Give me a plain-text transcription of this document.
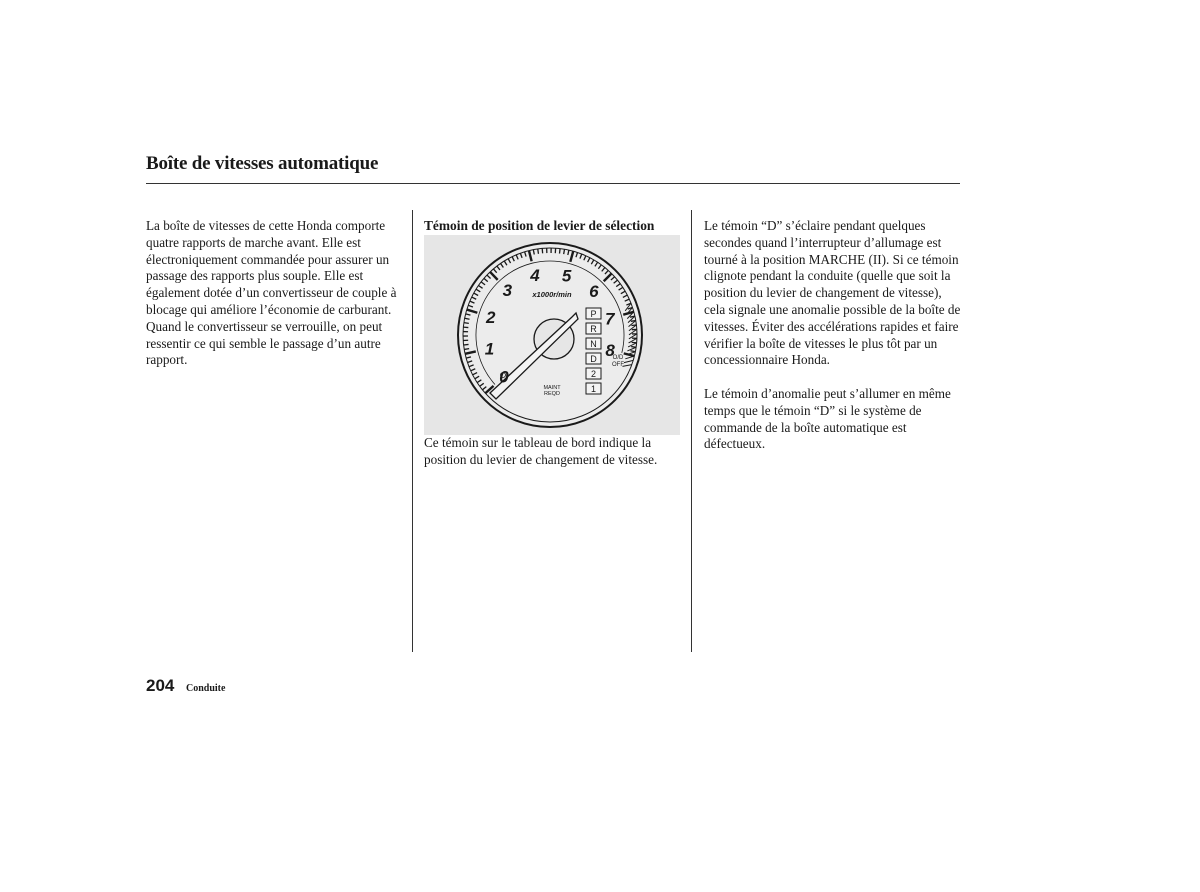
Boîte de vitesses automatique

La boîte de vitesses de cette Honda comporte quatre rapports de marche avant. Elle est électroniquement commandée pour assurer un passage des rapports plus souple. Elle est également dotée d’un convertisseur de couple à blocage qui améliore l’économie de carburant. Quand le convertisseur se verrouille, on peut ressentir ce qui semble le passage d’un autre rapport.

Témoin de position de levier de sélection

x1000r/min
O/D
OFF
MAINT
REQD
0
1
2
3
4 5
6
7
8
P
R
N
D
2
1

Ce témoin sur le tableau de bord indique la position du levier de changement de vitesse.

Le témoin “D” s’éclaire pendant quelques secondes quand l’interrupteur d’allumage est tourné à la position MARCHE (II). Si ce témoin clignote pendant la conduite (quelle que soit la position du levier de changement de vitesse), cela signale une anomalie possible de la boîte de vitesses. Éviter des accélérations rapides et faire vérifier la boîte de vitesses le plus tôt par un concessionnaire Honda.

Le témoin d’anomalie peut s’allumer en même temps que le témoin “D” si le système de commande de la boîte automatique est défectueux.

204 Conduite
